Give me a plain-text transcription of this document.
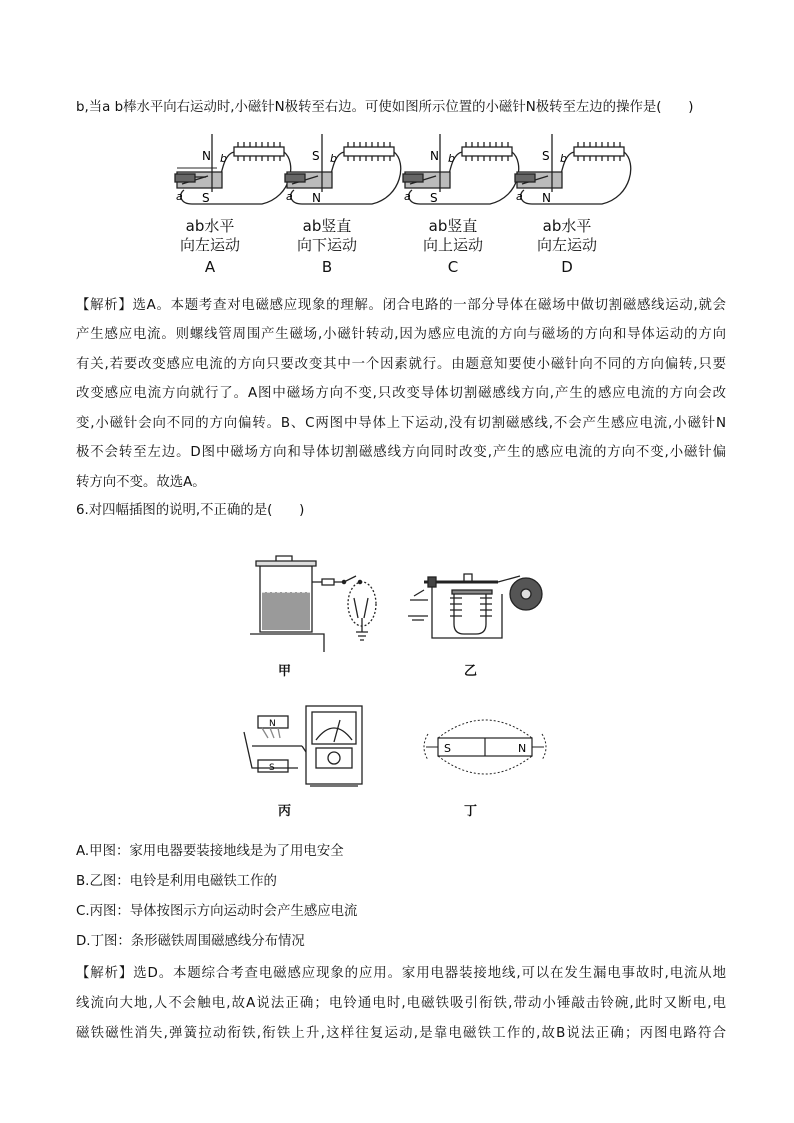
b,当a b棒水平向右运动时,小磁针N极转至右边。可使如图所示位置的小磁针N极转至左边的操作是(　　)
N
S
b
a
S
N
b
a
N
S
b
a
S
N
b
a
ab水平
向左运动
A
ab竖直
向下运动
B
ab竖直
向上运动
C
ab水平
向左运动
D
【解析】选A。本题考查对电磁感应现象的理解。闭合电路的一部分导体在磁场中做切割磁感线运动,就会
产生感应电流。则螺线管周围产生磁场,小磁针转动,因为感应电流的方向与磁场的方向和导体运动的方向
有关,若要改变感应电流的方向只要改变其中一个因素就行。由题意知要使小磁针向不同的方向偏转,只要
改变感应电流方向就行了。A图中磁场方向不变,只改变导体切割磁感线方向,产生的感应电流的方向会改
变,小磁针会向不同的方向偏转。B、C两图中导体上下运动,没有切割磁感线,不会产生感应电流,小磁针N
极不会转至左边。D图中磁场方向和导体切割磁感线方向同时改变,产生的感应电流的方向不变,小磁针偏
转方向不变。故选A。
6.对四幅插图的说明,不正确的是(　　)
甲	乙
N
S
丙
S	N
丁
A.甲图：家用电器要装接地线是为了用电安全
B.乙图：电铃是利用电磁铁工作的
C.丙图：导体按图示方向运动时会产生感应电流
D.丁图：条形磁铁周围磁感线分布情况
【解析】选D。本题综合考查电磁感应现象的应用。家用电器装接地线,可以在发生漏电事故时,电流从地
线流向大地,人不会触电,故A说法正确；电铃通电时,电磁铁吸引衔铁,带动小锤敲击铃碗,此时又断电,电
磁铁磁性消失,弹簧拉动衔铁,衔铁上升,这样往复运动,是靠电磁铁工作的,故B说法正确；丙图电路符合
